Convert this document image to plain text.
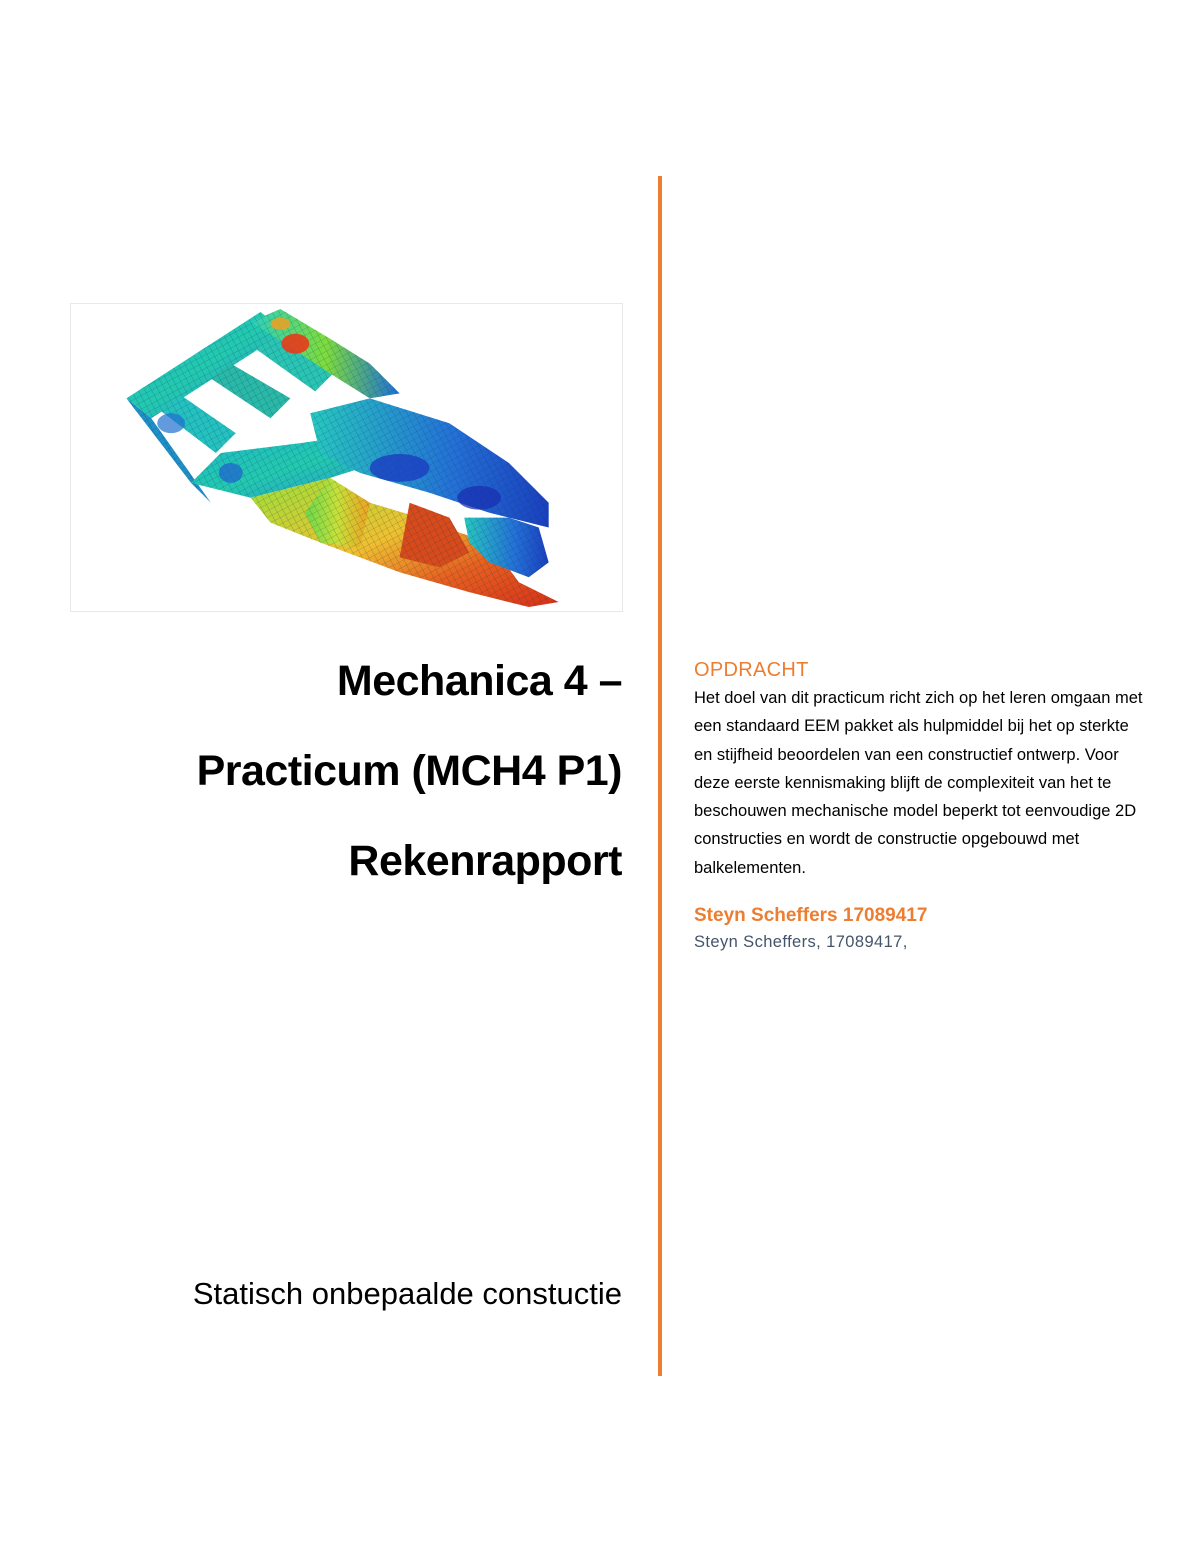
Mechanica 4 –
Practicum (MCH4 P1)
Rekenrapport
Statisch onbepaalde constuctie
OPDRACHT

Het doel van dit practicum richt zich op het leren omgaan met een standaard EEM pakket als hulpmiddel bij het op sterkte en stijfheid beoordelen van een constructief ontwerp. Voor deze eerste kennismaking blijft de complexiteit van het te beschouwen mechanische model beperkt tot eenvoudige 2D constructies en wordt de constructie opgebouwd met balkelementen.

Steyn Scheffers 17089417
Steyn Scheffers, 17089417,
